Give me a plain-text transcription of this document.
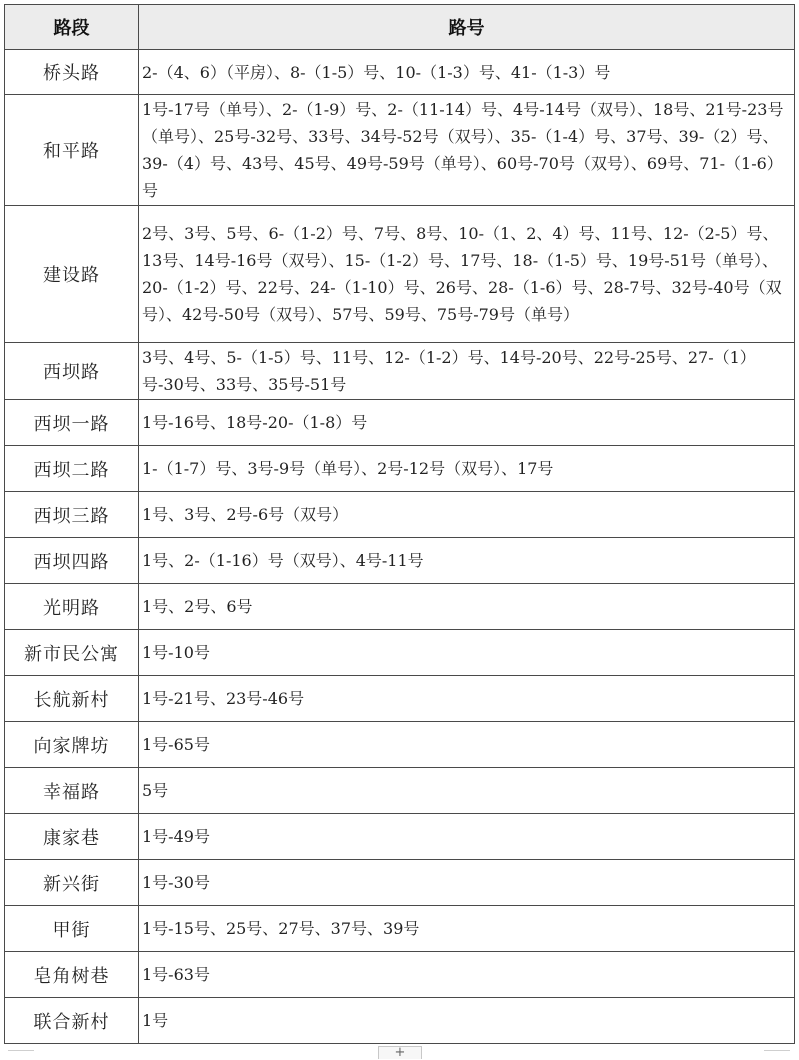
路段	路号
桥头路	2-（4、6）（平房）、8-（1-5）号、10-（1-3）号、41-（1-3）号
和平路	1号-17号（单号）、2-（1-9）号、2-（11-14）号、4号-14号（双号）、18号、21号-23号（单号）、25号-32号、33号、34号-52号（双号）、35-（1-4）号、37号、39-（2）号、39-（4）号、43号、45号、49号-59号（单号）、60号-70号（双号）、69号、71-（1-6）号
建设路	2号、3号、5号、6-（1-2）号、7号、8号、10-（1、2、4）号、11号、12-（2-5）号、13号、14号-16号（双号）、15-（1-2）号、17号、18-（1-5）号、19号-51号（单号）、20-（1-2）号、22号、24-（1-10）号、26号、28-（1-6）号、28-7号、32号-40号（双号）、42号-50号（双号）、57号、59号、75号-79号（单号）
西坝路	3号、4号、5-（1-5）号、11号、12-（1-2）号、14号-20号、22号-25号、27-（1）号-30号、33号、35号-51号
西坝一路	1号-16号、18号-20-（1-8）号
西坝二路	1-（1-7）号、3号-9号（单号）、2号-12号（双号）、17号
西坝三路	1号、3号、2号-6号（双号）
西坝四路	1号、2-（1-16）号（双号）、4号-11号
光明路	1号、2号、6号
新市民公寓	1号-10号
长航新村	1号-21号、23号-46号
向家牌坊	1号-65号
幸福路	5号
康家巷	1号-49号
新兴街	1号-30号
甲街	1号-15号、25号、27号、37号、39号
皂角树巷	1号-63号
联合新村	1号
+
